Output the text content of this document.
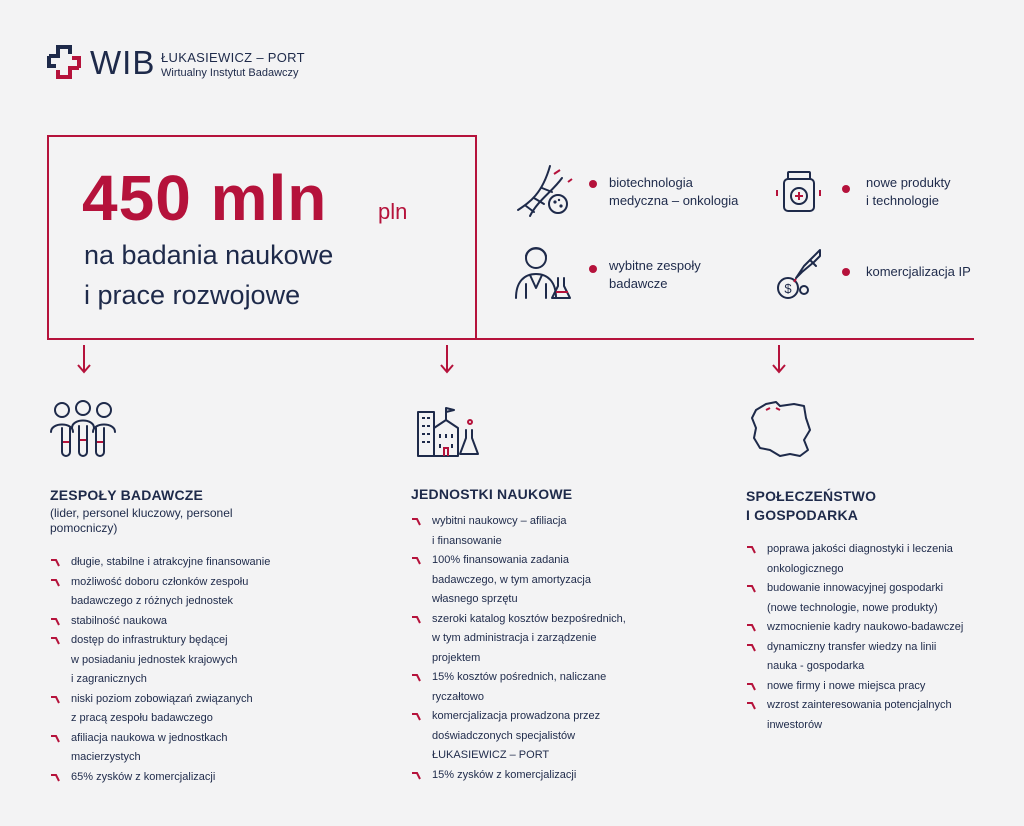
WIB ŁUKASIEWICZ – PORT
Wirtualny Instytut Badawczy
450 mln pln
na badania naukowe
i prace rozwojowe
biotechnologia
medyczna – onkologia
nowe produkty
i technologie
wybitne zespoły
badawcze	$
komercjalizacja IP
ZESPOŁY BADAWCZE
(lider, personel kluczowy, personel
pomocniczy)
długie, stabilne i atrakcyjne finansowanie
możliwość doboru członków zespołu
badawczego z różnych jednostek
stabilność naukowa
dostęp do infrastruktury będącej
w posiadaniu jednostek krajowych
i zagranicznych
niski poziom zobowiązań związanych
z pracą zespołu badawczego
afiliacja naukowa w jednostkach
macierzystych
65% zysków z komercjalizacji
JEDNOSTKI NAUKOWE
wybitni naukowcy – afiliacja
i finansowanie
100% finansowania zadania
badawczego, w tym amortyzacja
własnego sprzętu
szeroki katalog kosztów bezpośrednich,
w tym administracja i zarządzenie
projektem
15% kosztów pośrednich, naliczane
ryczałtowo
komercjalizacja prowadzona przez
doświadczonych specjalistów
ŁUKASIEWICZ – PORT
15% zysków z komercjalizacji
SPOŁECZEŃSTWO
I GOSPODARKA
poprawa jakości diagnostyki i leczenia
onkologicznego
budowanie innowacyjnej gospodarki
(nowe technologie, nowe produkty)
wzmocnienie kadry naukowo-badawczej
dynamiczny transfer wiedzy na linii
nauka - gospodarka
nowe firmy i nowe miejsca pracy
wzrost zainteresowania potencjalnych
inwestorów
